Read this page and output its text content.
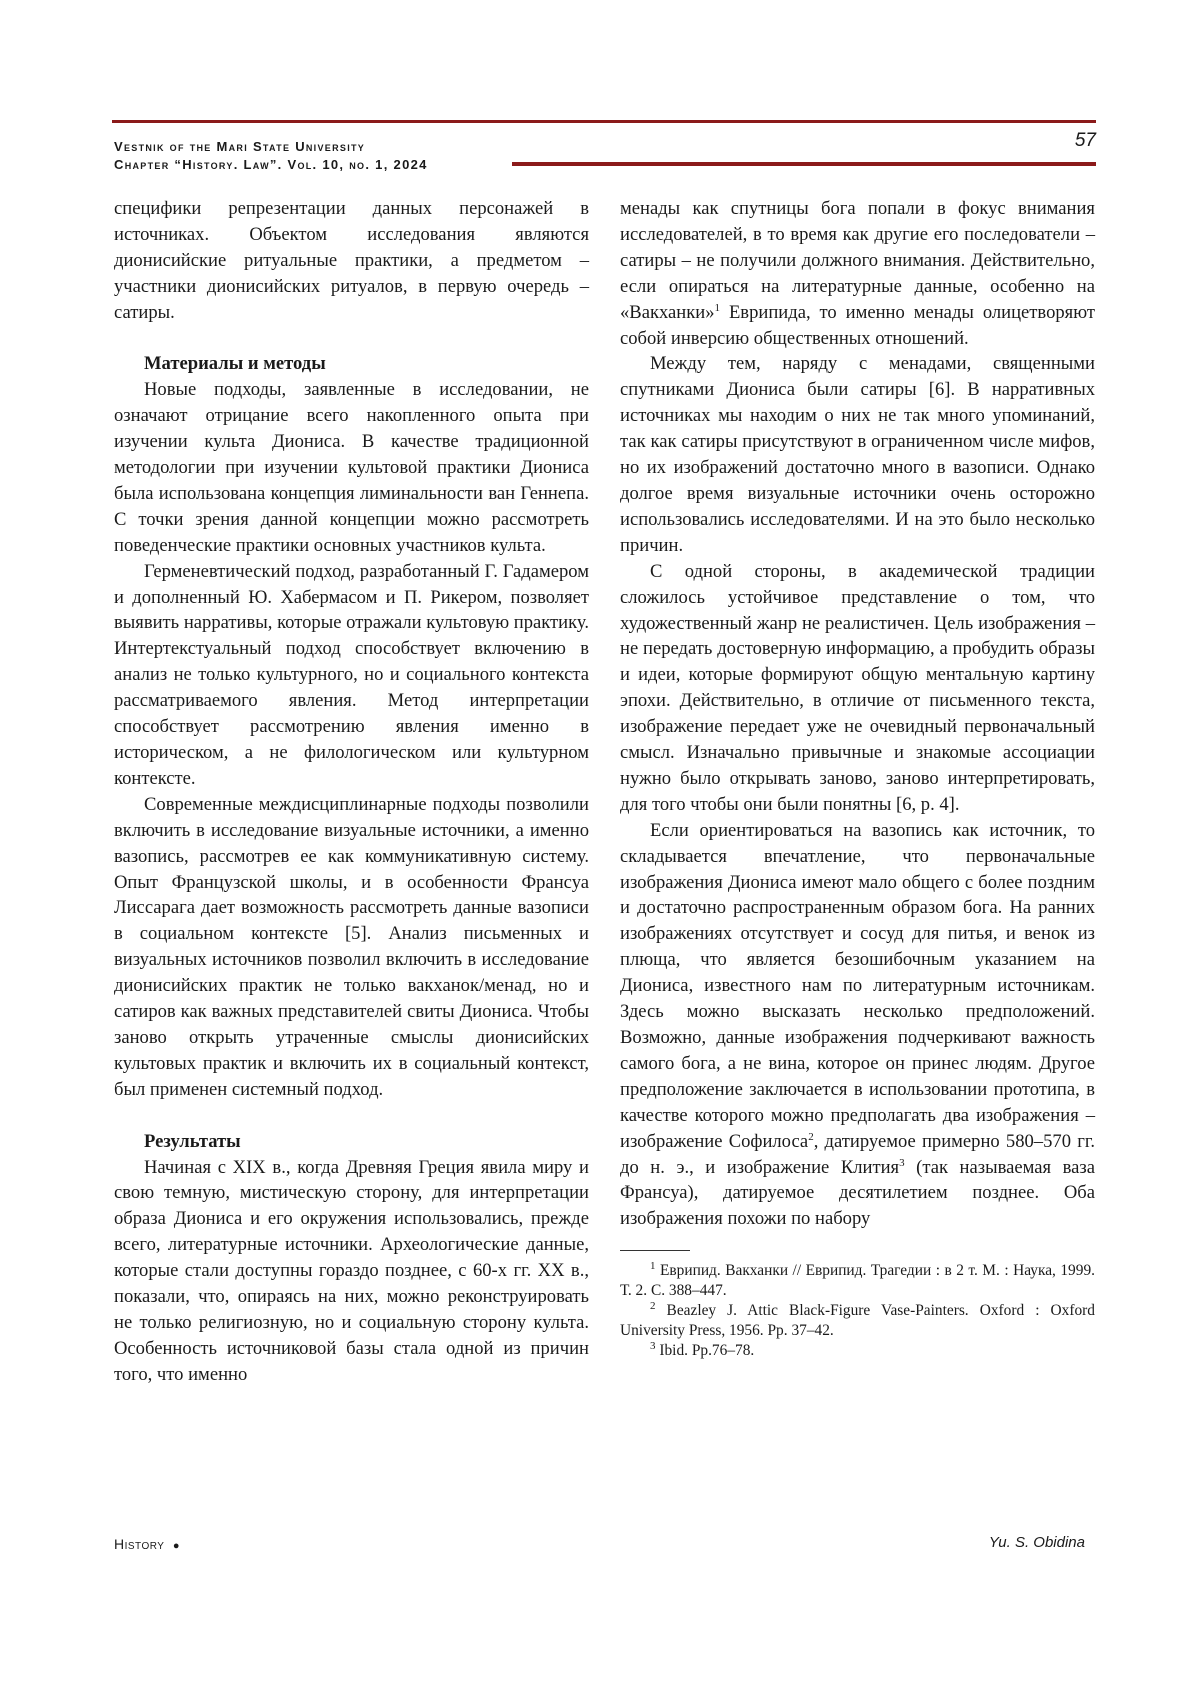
Vestnik of the Mari State University
Chapter “History. Law”. Vol. 10, no. 1, 2024
57

специфики репрезентации данных персонажей в источниках. Объектом исследования являются дионисийские ритуальные практики, а предметом – участники дионисийских ритуалов, в первую очередь – сатиры.

Материалы и методы

Новые подходы, заявленные в исследовании, не означают отрицание всего накопленного опыта при изучении культа Диониса. В качестве традиционной методологии при изучении культовой практики Диониса была использована концепция лиминальности ван Геннепа. С точки зрения данной концепции можно рассмотреть поведенческие практики основных участников культа.

Герменевтический подход, разработанный Г. Гадамером и дополненный Ю. Хабермасом и П. Рикером, позволяет выявить нарративы, которые отражали культовую практику. Интертекстуальный подход способствует включению в анализ не только культурного, но и социального контекста рассматриваемого явления. Метод интерпретации способствует рассмотрению явления именно в историческом, а не филологическом или культурном контексте.

Современные междисциплинарные подходы позволили включить в исследование визуальные источники, а именно вазопись, рассмотрев ее как коммуникативную систему. Опыт Французской школы, и в особенности Франсуа Лиссарага дает возможность рассмотреть данные вазописи в социальном контексте [5]. Анализ письменных и визуальных источников позволил включить в исследование дионисийских практик не только вакханок/менад, но и сатиров как важных представителей свиты Диониса. Чтобы заново открыть утраченные смыслы дионисийских культовых практик и включить их в социальный контекст, был применен системный подход.

Результаты

Начиная с XIX в., когда Древняя Греция явила миру и свою темную, мистическую сторону, для интерпретации образа Диониса и его окружения использовались, прежде всего, литературные источники. Археологические данные, которые стали доступны гораздо позднее, с 60-х гг. XX в., показали, что, опираясь на них, можно реконструировать не только религиозную, но и социальную сторону культа. Особенность источниковой базы стала одной из причин того, что именно

менады как спутницы бога попали в фокус внимания исследователей, в то время как другие его последователи – сатиры – не получили должного внимания. Действительно, если опираться на литературные данные, особенно на «Вакханки»$^1$ Еврипида, то именно менады олицетворяют собой инверсию общественных отношений.

Между тем, наряду с менадами, священными спутниками Диониса были сатиры [6]. В нарративных источниках мы находим о них не так много упоминаний, так как сатиры присутствуют в ограниченном числе мифов, но их изображений достаточно много в вазописи. Однако долгое время визуальные источники очень осторожно использовались исследователями. И на это было несколько причин.

С одной стороны, в академической традиции сложилось устойчивое представление о том, что художественный жанр не реалистичен. Цель изображения – не передать достоверную информацию, а пробудить образы и идеи, которые формируют общую ментальную картину эпохи. Действительно, в отличие от письменного текста, изображение передает уже не очевидный первоначальный смысл. Изначально привычные и знакомые ассоциации нужно было открывать заново, заново интерпретировать, для того чтобы они были понятны [6, p. 4].

Если ориентироваться на вазопись как источник, то складывается впечатление, что первоначальные изображения Диониса имеют мало общего с более поздним и достаточно распространенным образом бога. На ранних изображениях отсутствует и сосуд для питья, и венок из плюща, что является безошибочным указанием на Диониса, известного нам по литературным источникам. Здесь можно высказать несколько предположений. Возможно, данные изображения подчеркивают важность самого бога, а не вина, которое он принес людям. Другое предположение заключается в использовании прототипа, в качестве которого можно предполагать два изображения – изображение Софилоса$^2$, датируемое примерно 580–570 гг. до н. э., и изображение Клития$^3$ (так называемая ваза Франсуа), датируемое десятилетием позднее. Оба изображения похожи по набору

$^1$ Еврипид. Вакханки // Еврипид. Трагедии : в 2 т. М. : Наука, 1999. Т. 2. С. 388–447.

$^2$ Beazley J. Attic Black-Figure Vase-Painters. Oxford : Oxford University Press, 1956. Pp. 37–42.

$^3$ Ibid. Pp.76–78.

History ●	Yu. S. Obidina
